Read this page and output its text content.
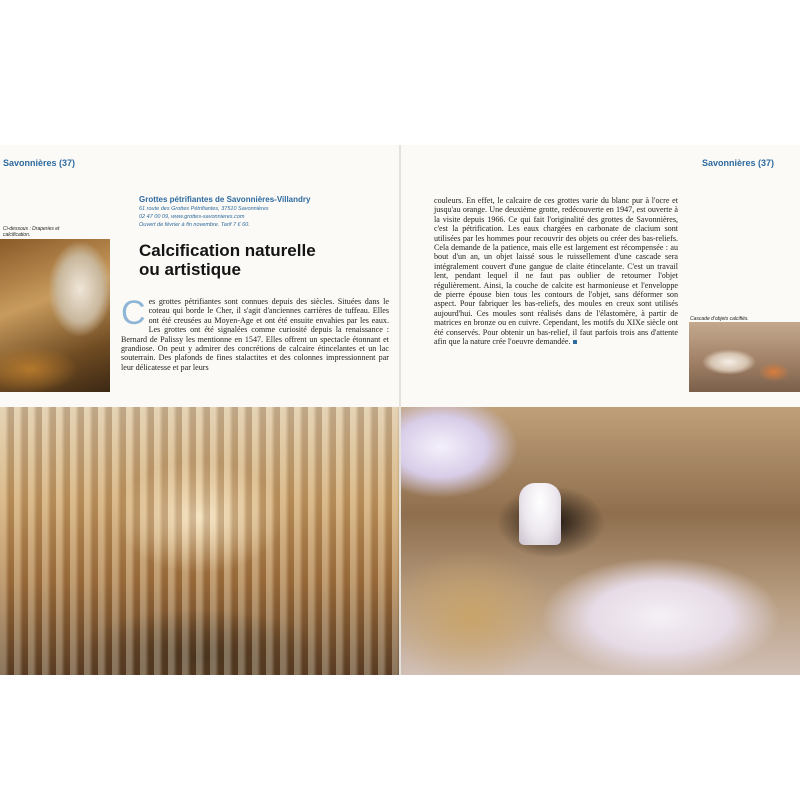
Savonnières (37)	Savonnières (37)
Ci-dessous : Draperies et calcification.
Cascade d'objets calcifiés.
Grottes pétrifiantes de Savonnières-Villandry
61 route des Grottes Pétrifiantes, 37510 Savonnières
02 47 00 09, www.grottes-savonnieres.com
Ouvert de février à fin novembre. Tarif 7 € 60.
Calcification naturelle
ou artistique
C es grottes pétrifiantes sont connues depuis des siècles. Situées dans le coteau qui borde le Cher, il s'agit d'anciennes carrières de tuffeau. Elles ont été creusées au Moyen-Age et ont été ensuite envahies par les eaux. Les grottes ont été signalées comme curiosité depuis la renaissance : Bernard de Palissy les mentionne en 1547. Elles offrent un spectacle étonnant et grandiose. On peut y admirer des concrétions de calcaire étincelantes et un lac souterrain. Des plafonds de fines stalactites et des colonnes impressionnent par leur délicatesse et par leurs

couleurs. En effet, le calcaire de ces grottes varie du blanc pur à l'ocre et jusqu'au orange. Une deuxième grotte, redécouverte en 1947, est ouverte à la visite depuis 1966. Ce qui fait l'originalité des grottes de Savonnières, c'est la pétrification. Les eaux chargées en carbonate de clacium sont utilisées par les hommes pour recouvrir des objets ou créer des bas-reliefs. Cela demande de la patience, mais elle est largement est récompensée : au bout d'un an, un objet laissé sous le ruissellement d'une cascade sera intégralement couvert d'une gangue de claite étincelante. C'est un travail lent, pendant lequel il ne faut pas oublier de retourner l'objet régulièrement. Ainsi, la couche de calcite est harmonieuse et l'enveloppe de pierre épouse bien tous les contours de l'objet, sans déformer son aspect. Pour fabriquer les bas-reliefs, des moules en creux sont utilisés aujourd'hui. Ces moules sont réalisés dans de l'élastomère, à partir de matrices en bronze ou en cuivre. Cependant, les motifs du XIXe siècle ont été conservés. Pour obtenir un bas-relief, il faut parfois trois ans d'attente afin que la nature crée l'oeuvre demandée.
